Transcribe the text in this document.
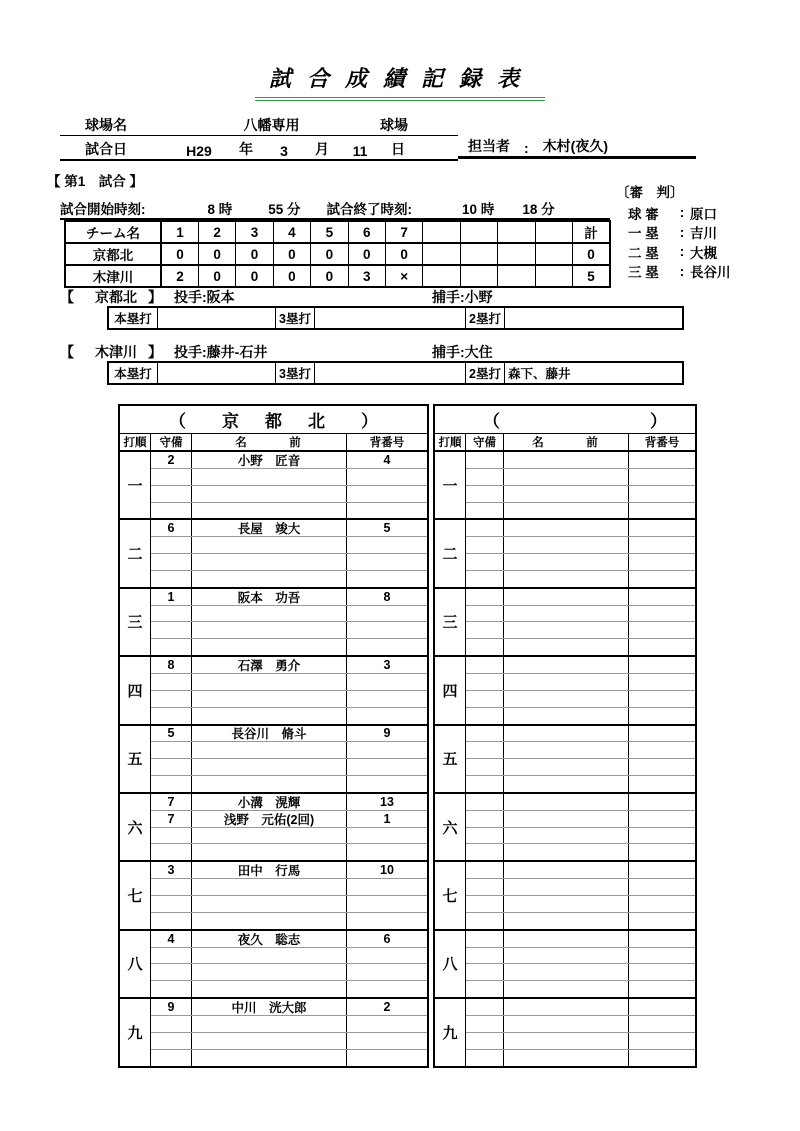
試合成績記録表
球場名	八幡専用	球場
試合日	H29	年	3	月	11	日	担当者 : 木村(夜久)
【 第1　試合 】
試合開始時刻:	8 時	55 分 試合終了時刻:	10 時 18 分
〔審　判〕
球 審	: 原口
一 塁	: 吉川
二 塁	: 大槻
三 塁	: 長谷川
チーム名	1	2	3	4	5	6	7					計
京都北	0	0	0	0	0	0	0					0
木津川	2	0	0	0	0	3	×					5
【	京都北 】 投手:阪本	捕手:小野
本塁打	3塁打	2塁打
【	木津川 】 投手:藤井-石井	捕手:大住
本塁打	3塁打	2塁打 森下、藤井
（	京都北 ）
打順	守備	名　　　前	背番号
一
2	小野　匠音	4
二
6	長屋　竣大	5
三
1	阪本　功吾	8
四
8	石澤　勇介	3
五
5	長谷川　脩斗	9
六
7	小溝　滉輝	13
7	浅野　元佑(2回)	1
七
3	田中　行馬	10
八
4	夜久　聡志	6
九
9	中川　洸大郎	2
（	）
打順	守備	名　　　前	背番号
一
二
三
四
五
六
七
八
九
